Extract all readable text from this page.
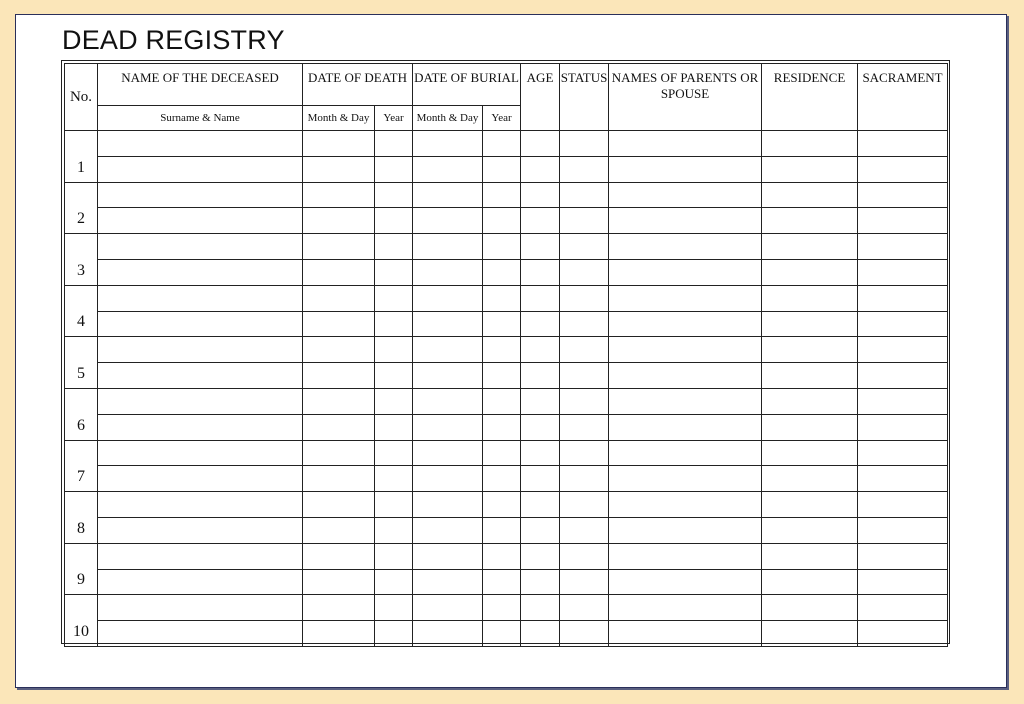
DEAD REGISTRY
No.	NAME OF THE DECEASED	DATE OF DEATH		DATE OF BURIAL		AGE	STATUS	NAMES OF PARENTS OR SPOUSE	RESIDENCE	SACRAMENT
	Surname & Name	Month & Day	Year	Month & Day	Year					
1										

2										

3										

4										

5										

6										

7										

8										

9										

10										
